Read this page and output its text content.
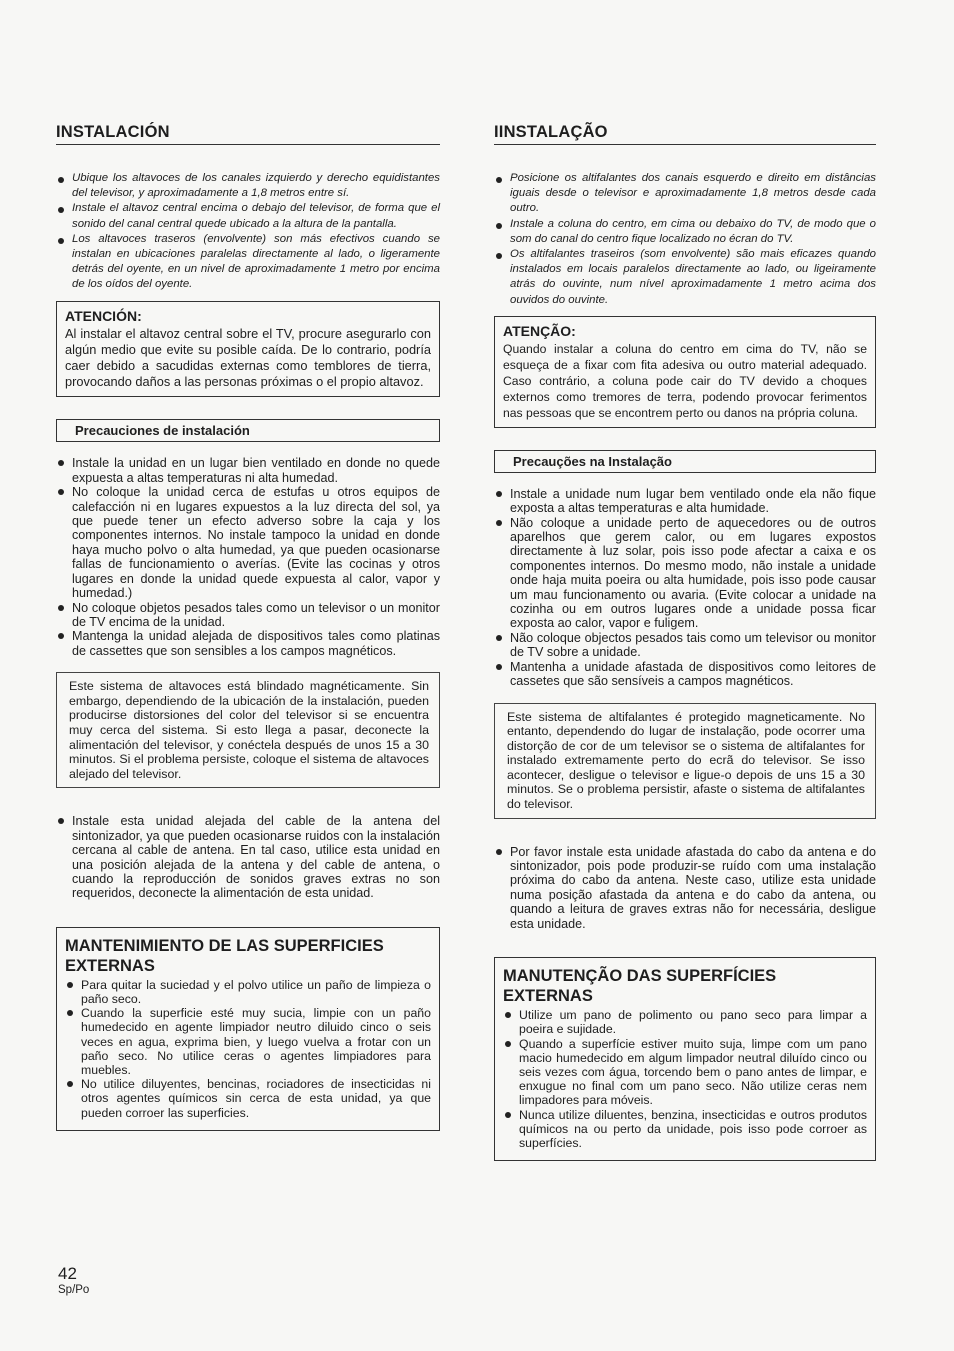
INSTALACIÓN
Ubique los altavoces de los canales izquierdo y derecho equidistantes del televisor, y aproximadamente a 1,8 metros entre sí.
Instale el altavoz central encima o debajo del televisor, de forma que el sonido del canal central quede ubicado a la altura de la pantalla.
Los altavoces traseros (envolvente) son más efectivos cuando se instalan en ubicaciones paralelas directamente al lado, o ligeramente detrás del oyente, en un nivel de aproximadamente 1 metro por encima de los oídos del oyente.
ATENCIÓN:
Al instalar el altavoz central sobre el TV, procure asegurarlo con algún medio que evite su posible caída. De lo contrario, podría caer debido a sacudidas externas como temblores de tierra, provocando daños a las personas próximas o el propio altavoz.
Precauciones de instalación
Instale la unidad en un lugar bien ventilado en donde no quede expuesta a altas temperaturas ni alta humedad.
No coloque la unidad cerca de estufas u otros equipos de calefacción ni en lugares expuestos a la luz directa del sol, ya que puede tener un efecto adverso sobre la caja y los componentes internos. No instale tampoco la unidad en donde haya mucho polvo o alta humedad, ya que pueden ocasionarse fallas de funcionamiento o averías. (Evite las cocinas y otros lugares en donde la unidad quede expuesta al calor, vapor y humedad.)
No coloque objetos pesados tales como un televisor o un monitor de TV encima de la unidad.
Mantenga la unidad alejada de dispositivos tales como platinas de cassettes que son sensibles a los campos magnéticos.
Este sistema de altavoces está blindado magnéticamente. Sin embargo, dependiendo de la ubicación de la instalación, pueden producirse distorsiones del color del televisor si se encuentra muy cerca del sistema. Si esto llega a pasar, deconecte la alimentación del televisor, y conéctela después de unos 15 a 30 minutos. Si el problema persiste, coloque el sistema de altavoces alejado del televisor.
Instale esta unidad alejada del cable de la antena del sintonizador, ya que pueden ocasionarse ruidos con la instalación cercana al cable de antena. En tal caso, utilice esta unidad en una posición alejada de la antena y del cable de antena, o cuando la reproducción de sonidos graves extras no son requeridos, deconecte la alimentación de esta unidad.
MANTENIMIENTO DE LAS SUPERFICIES EXTERNAS
Para quitar la suciedad y el polvo utilice un paño de limpieza o paño seco.
Cuando la superficie esté muy sucia, limpie con un paño humedecido en agente limpiador neutro diluido cinco o seis veces en agua, exprima bien, y luego vuelva a frotar con un paño seco. No utilice ceras o agentes limpiadores para muebles.
No utilice diluyentes, bencinas, rociadores de insecticidas ni otros agentes químicos sin cerca de esta unidad, ya que pueden corroer las superficies.
IINSTALAÇÃO
Posicione os altifalantes dos canais esquerdo e direito em distâncias iguais desde o televisor e aproximadamente 1,8 metros desde cada outro.
Instale a coluna do centro, em cima ou debaixo do TV, de modo que o som do canal do centro fique localizado no écran do TV.
Os altifalantes traseiros (som envolvente) são mais eficazes quando instalados em locais paralelos directamente ao lado, ou ligeiramente atrás do ouvinte, num nível aproximadamente 1 metro acima dos ouvidos do ouvinte.
ATENÇÃO:
Quando instalar a coluna do centro em cima do TV, não se esqueça de a fixar com fita adesiva ou outro material adequado. Caso contrário, a coluna pode cair do TV devido a choques externos como tremores de terra, podendo provocar ferimentos nas pessoas que se encontrem perto ou danos na própria coluna.
Precauções na Instalação
Instale a unidade num lugar bem ventilado onde ela não fique exposta a altas temperaturas e alta humidade.
Não coloque a unidade perto de aquecedores ou de outros aparelhos que gerem calor, ou em lugares expostos directamente à luz solar, pois isso pode afectar a caixa e os componentes internos. Do mesmo modo, não instale a unidade onde haja muita poeira ou alta humidade, pois isso pode causar um mau funcionamento ou avaria. (Evite colocar a unidade na cozinha ou em outros lugares onde a unidade possa ficar exposta ao calor, vapor e fuligem.
Não coloque objectos pesados tais como um televisor ou monitor de TV sobre a unidade.
Mantenha a unidade afastada de dispositivos como leitores de cassetes que são sensíveis a campos magnéticos.
Este sistema de altifalantes é protegido magneticamente. No entanto, dependendo do lugar de instalação, pode ocorrer uma distorção de cor de um televisor se o sistema de altifalantes for instalado extremamente perto do ecrã do televisor. Se isso acontecer, desligue o televisor e ligue-o depois de uns 15 a 30 minutos. Se o problema persistir, afaste o sistema de altifalantes do televisor.
Por favor instale esta unidade afastada do cabo da antena e do sintonizador, pois pode produzir-se ruído com uma instalação próxima do cabo da antena. Neste caso, utilize esta unidade numa posição afastada da antena e do cabo da antena, ou quando a leitura de graves extras não for necessária, desligue esta unidade.
MANUTENÇÃO DAS SUPERFÍCIES EXTERNAS
Utilize um pano de polimento ou pano seco para limpar a poeira e sujidade.
Quando a superfície estiver muito suja, limpe com um pano macio humedecido em algum limpador neutral diluído cinco ou seis vezes com água, torcendo bem o pano antes de limpar, e enxugue no final com um pano seco. Não utilize ceras nem limpadores para móveis.
Nunca utilize diluentes, benzina, insecticidas e outros produtos químicos na ou perto da unidade, pois isso pode corroer as superfícies.
42
Sp/Po
